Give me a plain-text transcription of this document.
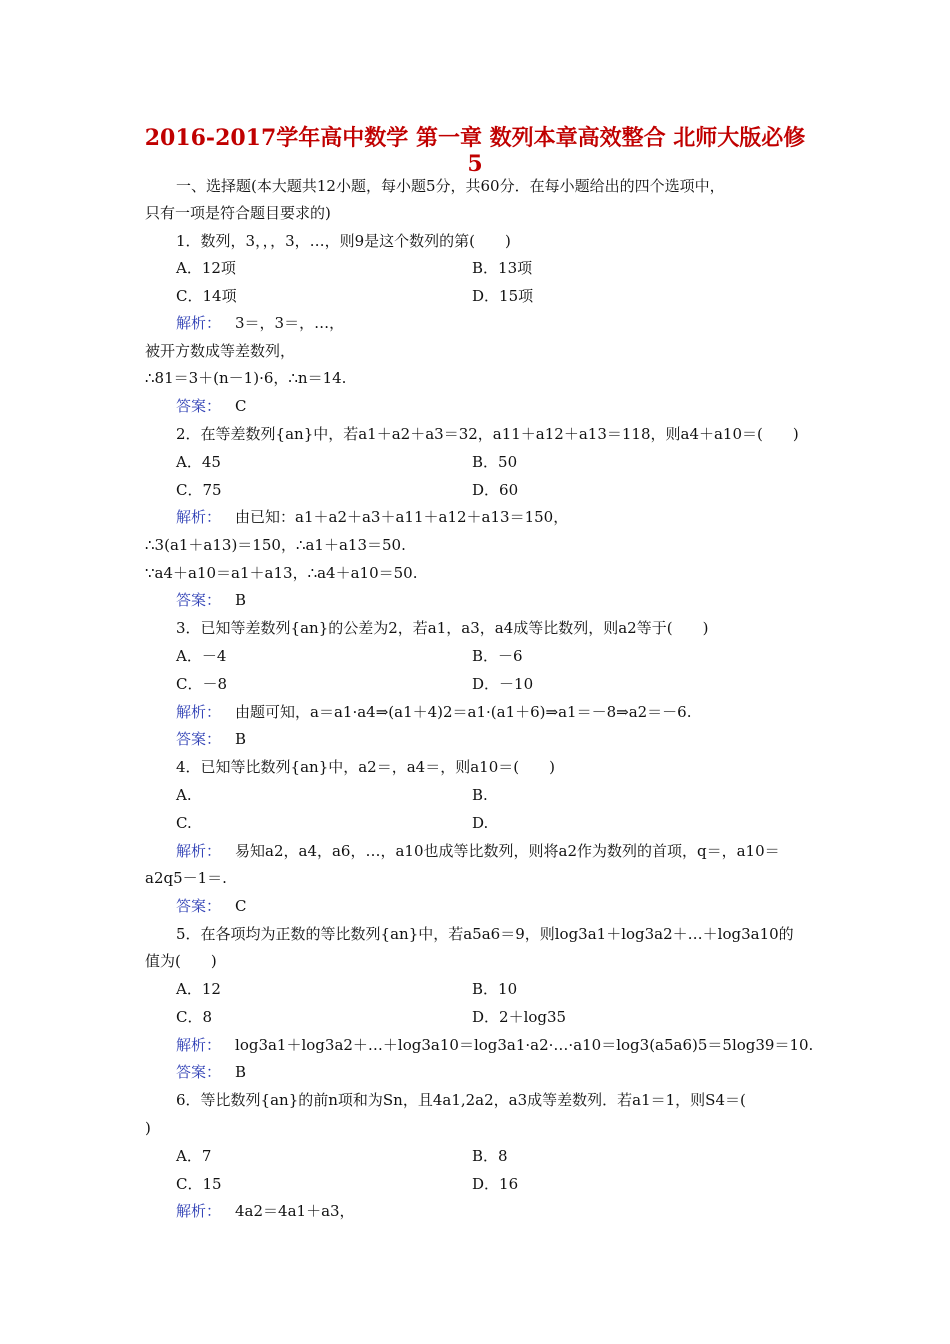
2016-2017学年高中数学 第一章 数列本章高效整合 北师大版必修
5
一、选择题(本大题共12小题，每小题5分，共60分．在每小题给出的四个选项中，
只有一项是符合题目要求的)
1．数列，3，，，3，…，则9是这个数列的第(　　)
A．12项	B．13项
C．14项	D．15项
解析： 3＝，3＝，…，
被开方数成等差数列，
∴81＝3＋(n－1)·6，∴n＝14.
答案： C
2．在等差数列{an}中，若a1＋a2＋a3＝32，a11＋a12＋a13＝118，则a4＋a10＝(　　)
A．45	B．50
C．75	D．60
解析： 由已知：a1＋a2＋a3＋a11＋a12＋a13＝150，
∴3(a1＋a13)＝150，∴a1＋a13＝50.
∵a4＋a10＝a1＋a13，∴a4＋a10＝50.
答案： B
3．已知等差数列{an}的公差为2，若a1，a3，a4成等比数列，则a2等于(　　)
A．－4	B．－6
C．－8	D．－10
解析： 由题可知，a＝a1·a4⇒(a1＋4)2＝a1·(a1＋6)⇒a1＝－8⇒a2＝－6.
答案： B
4．已知等比数列{an}中，a2＝，a4＝，则a10＝(　　)
A.	B.
C.	D.
解析： 易知a2，a4，a6，…，a10也成等比数列，则将a2作为数列的首项，q＝，a10＝
a2q5－1＝.
答案： C
5．在各项均为正数的等比数列{an}中，若a5a6＝9，则log3a1＋log3a2＋…＋log3a10的
值为(　　)
A．12	B．10
C．8	D．2＋log35
解析： log3a1＋log3a2＋…＋log3a10＝log3a1·a2·…·a10＝log3(a5a6)5＝5log39＝10.
答案： B
6．等比数列{an}的前n项和为Sn，且4a1,2a2，a3成等差数列．若a1＝1，则S4＝(
)
A．7	B．8
C．15	D．16
解析： 4a2＝4a1＋a3，
